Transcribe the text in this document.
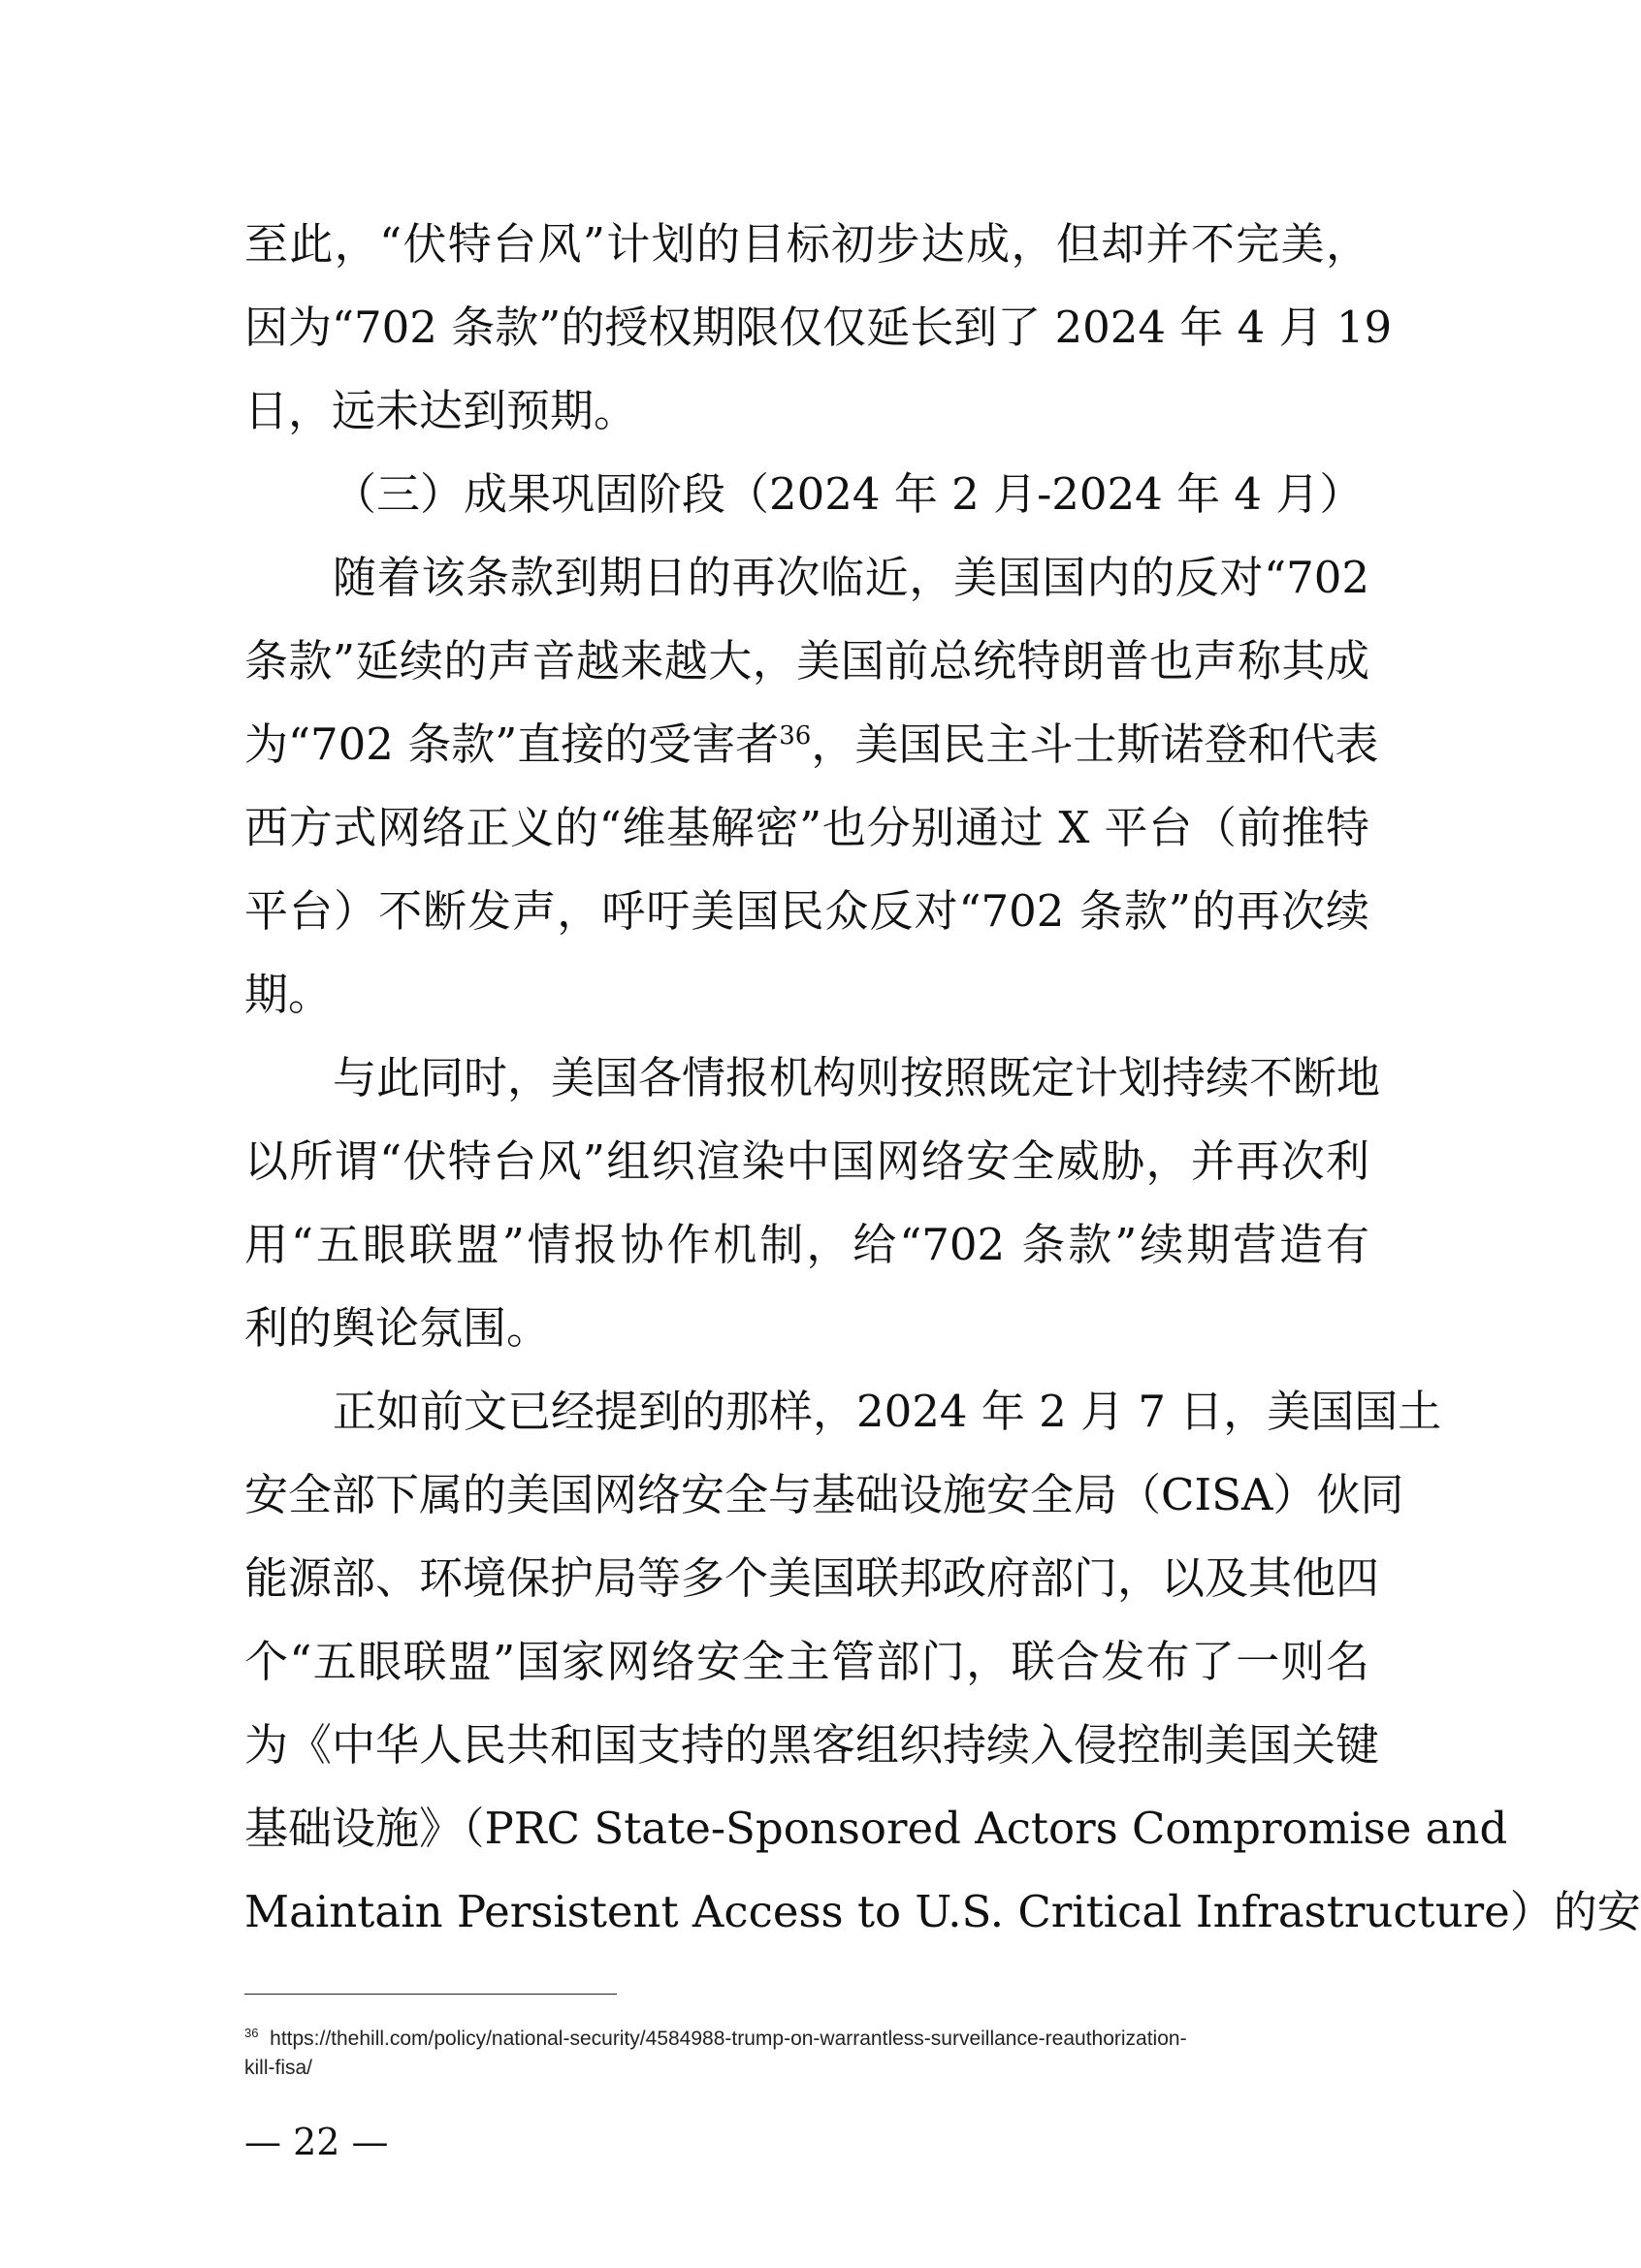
至此，“伏特台风”计划的目标初步达成，但却并不完美，
因为“702 条款”的授权期限仅仅延长到了 2024 年 4 月 19
日，远未达到预期。
（三）成果巩固阶段（2024 年 2 月-2024 年 4 月）
随着该条款到期日的再次临近，美国国内的反对“702
条款”延续的声音越来越大，美国前总统特朗普也声称其成
为“702 条款”直接的受害者$^{36}$，美国民主斗士斯诺登和代表
西方式网络正义的“维基解密”也分别通过 X 平台（前推特
平台）不断发声，呼吁美国民众反对“702 条款”的再次续
期。
与此同时，美国各情报机构则按照既定计划持续不断地
以所谓“伏特台风”组织渲染中国网络安全威胁，并再次利
用“五眼联盟”情报协作机制，给“702 条款”续期营造有
利的舆论氛围。
正如前文已经提到的那样，2024 年 2 月 7 日，美国国土
安全部下属的美国网络安全与基础设施安全局（CISA）伙同
能源部、环境保护局等多个美国联邦政府部门，以及其他四
个“五眼联盟”国家网络安全主管部门，联合发布了一则名
为《中华人民共和国支持的黑客组织持续入侵控制美国关键
基础设施》（PRC State-Sponsored Actors Compromise and
Maintain Persistent Access to U.S. Critical Infrastructure）的安
$^{36}$ https://thehill.com/policy/national-security/4584988-trump-on-warrantless-surveillance-reauthorization-
kill-fisa/
— 22 —
